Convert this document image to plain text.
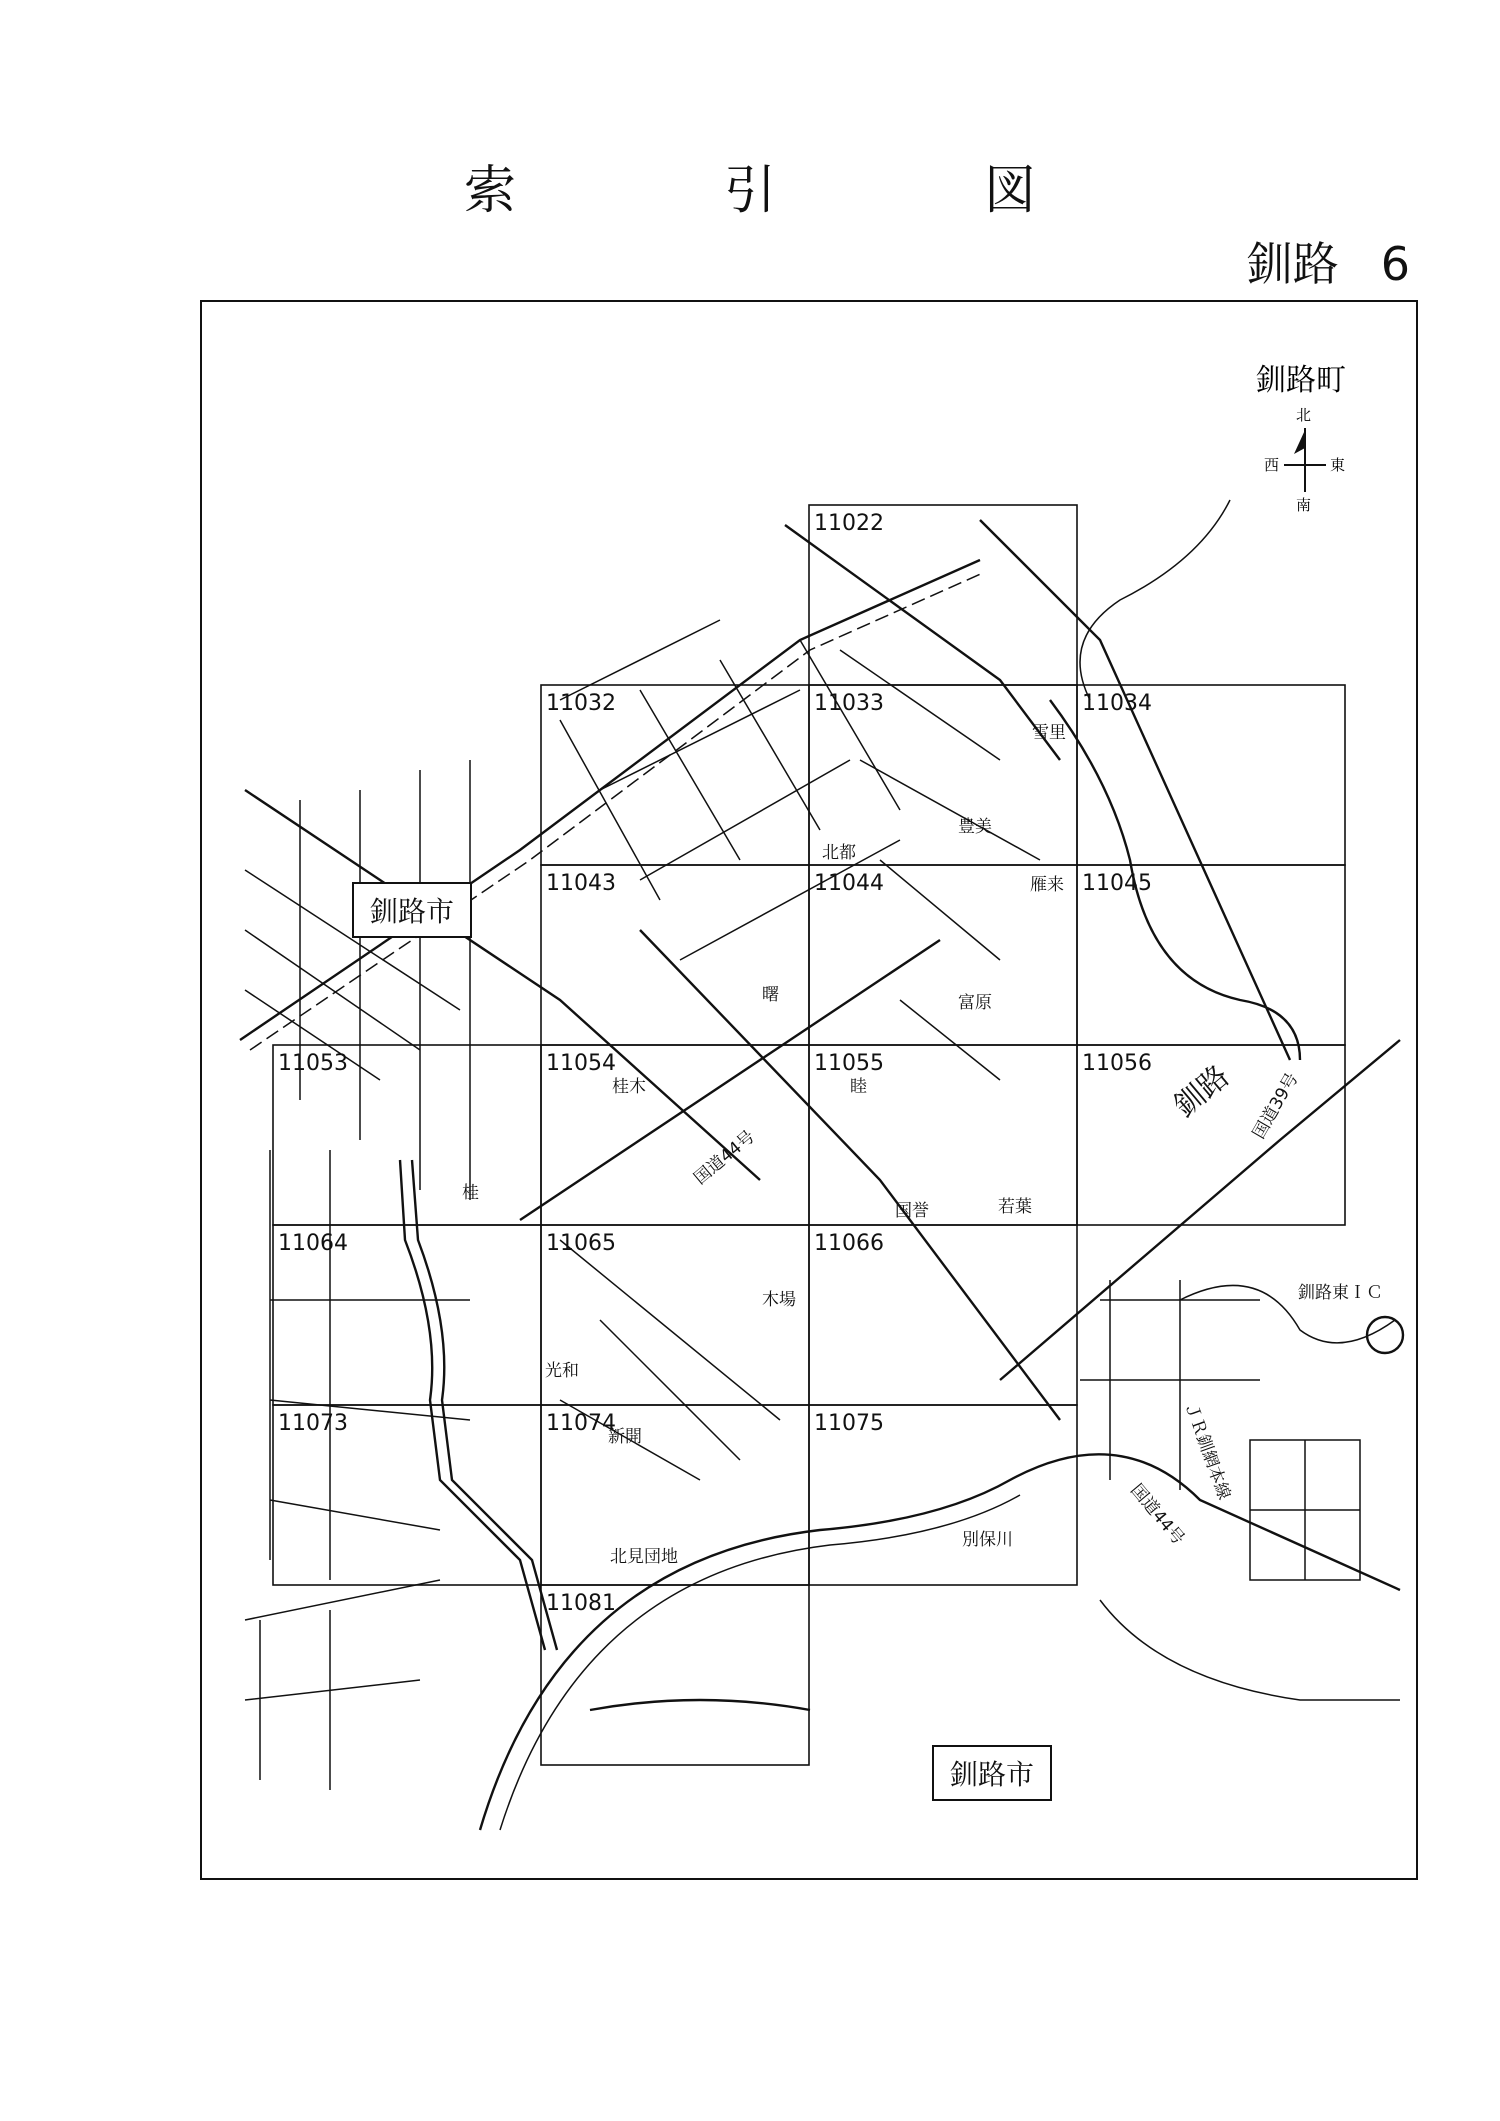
索　引　図
釧路 6
11022
11032	11033	11034
11043	11044	11045
11053	11054	11055	11056
11064	11065	11066
11073	11074	11075
11081
雪里
豊美
北都
雁来
曙	富原
桂木	睦
国道44号
桂
国誉	若葉
木場
光和
新開
北見団地
別保川
釧路東ＩＣ
ＪＲ釧網本線
国道44号
釧路 国道39号
釧路町
北
南
西	東
釧路市
釧路市
